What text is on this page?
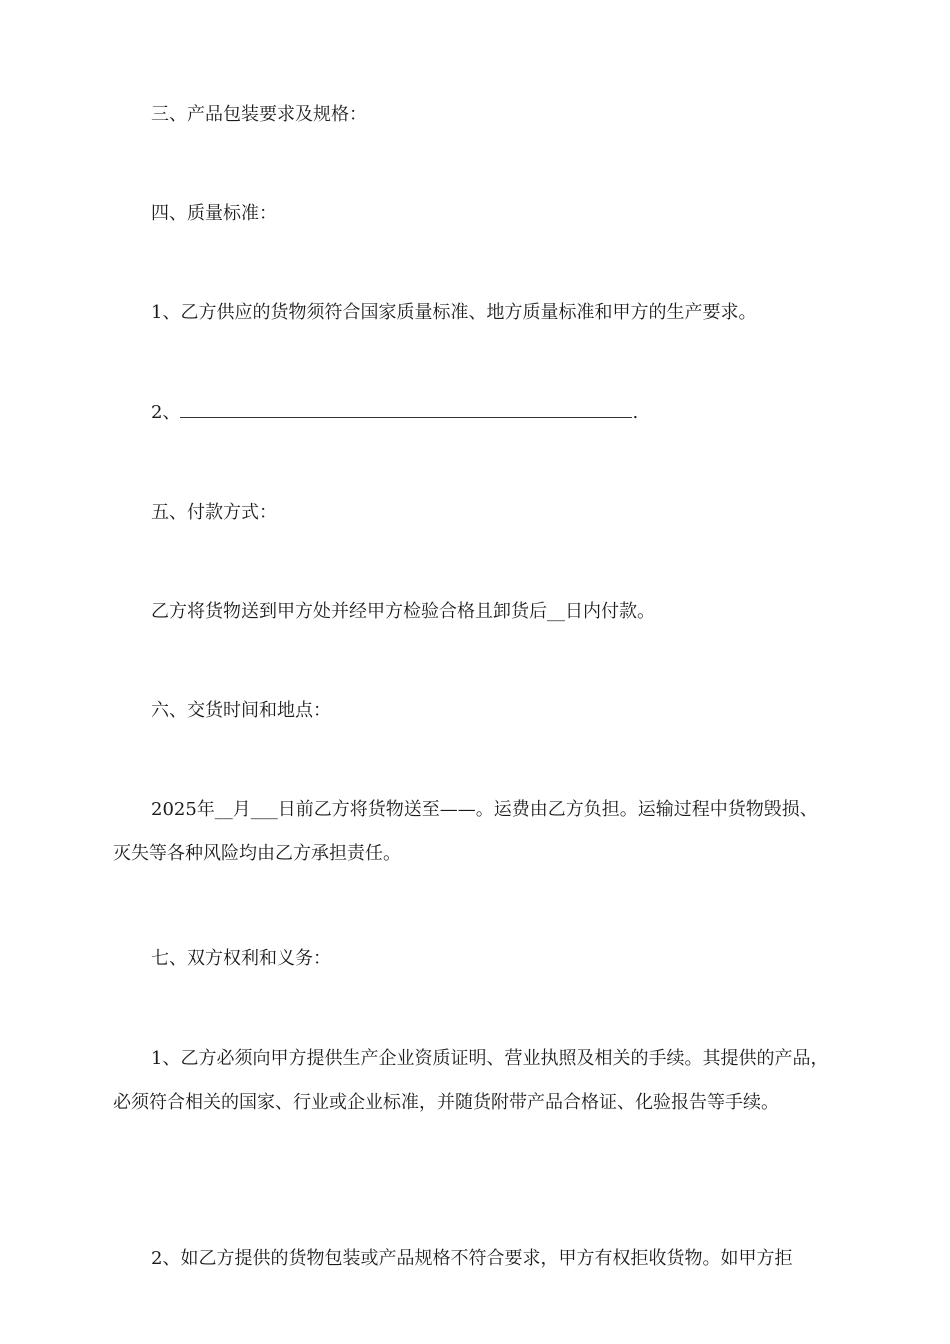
三、产品包装要求及规格：

四、质量标准：

1、乙方供应的货物须符合国家质量标准、地方质量标准和甲方的生产要求。

2、	.

五、付款方式：

乙方将货物送到甲方处并经甲方检验合格且卸货后__日内付款。

六、交货时间和地点：

2025年__月___日前乙方将货物送至——。运费由乙方负担。运输过程中货物毁损、灭失等各种风险均由乙方承担责任。

七、双方权利和义务：

1、乙方必须向甲方提供生产企业资质证明、营业执照及相关的手续。其提供的产品，必须符合相关的国家、行业或企业标准，并随货附带产品合格证、化验报告等手续。

2、如乙方提供的货物包装或产品规格不符合要求，甲方有权拒收货物。如甲方拒
